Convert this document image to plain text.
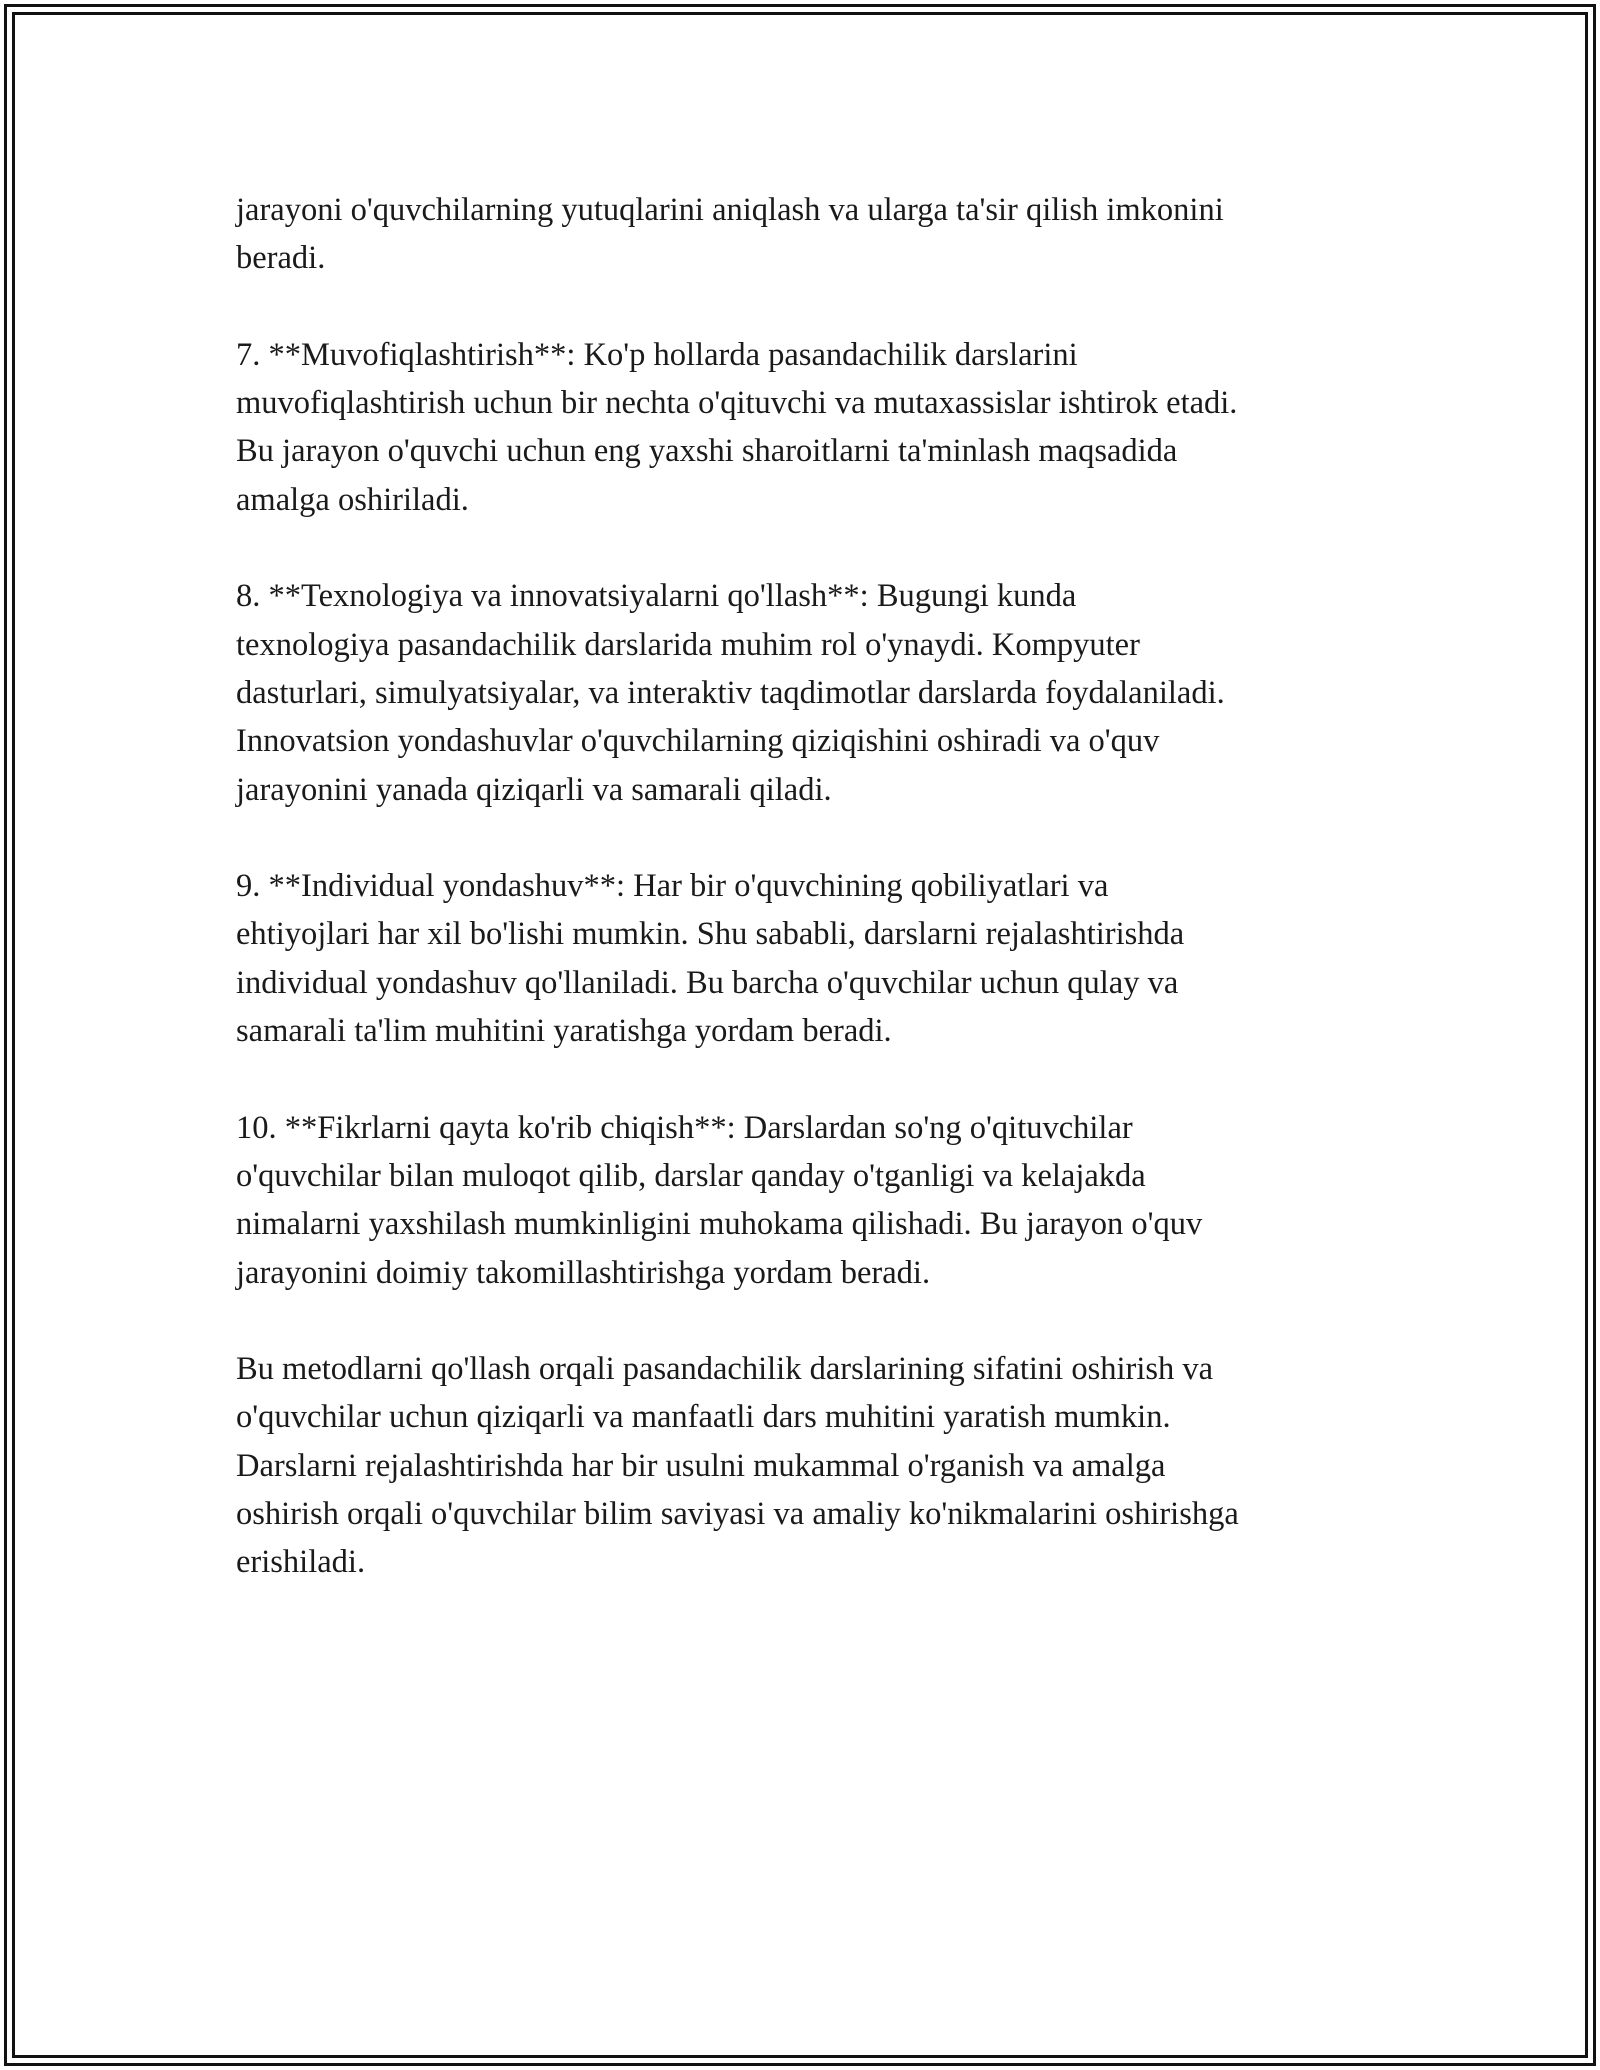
jarayoni o'quvchilarning yutuqlarini aniqlash va ularga ta'sir qilish imkonini
beradi.

7. **Muvofiqlashtirish**: Ko'p hollarda pasandachilik darslarini
muvofiqlashtirish uchun bir nechta o'qituvchi va mutaxassislar ishtirok etadi.
Bu jarayon o'quvchi uchun eng yaxshi sharoitlarni ta'minlash maqsadida
amalga oshiriladi.

8. **Texnologiya va innovatsiyalarni qo'llash**: Bugungi kunda
texnologiya pasandachilik darslarida muhim rol o'ynaydi. Kompyuter
dasturlari, simulyatsiyalar, va interaktiv taqdimotlar darslarda foydalaniladi.
Innovatsion yondashuvlar o'quvchilarning qiziqishini oshiradi va o'quv
jarayonini yanada qiziqarli va samarali qiladi.

9. **Individual yondashuv**: Har bir o'quvchining qobiliyatlari va
ehtiyojlari har xil bo'lishi mumkin. Shu sababli, darslarni rejalashtirishda
individual yondashuv qo'llaniladi. Bu barcha o'quvchilar uchun qulay va
samarali ta'lim muhitini yaratishga yordam beradi.

10. **Fikrlarni qayta ko'rib chiqish**: Darslardan so'ng o'qituvchilar
o'quvchilar bilan muloqot qilib, darslar qanday o'tganligi va kelajakda
nimalarni yaxshilash mumkinligini muhokama qilishadi. Bu jarayon o'quv
jarayonini doimiy takomillashtirishga yordam beradi.

Bu metodlarni qo'llash orqali pasandachilik darslarining sifatini oshirish va
o'quvchilar uchun qiziqarli va manfaatli dars muhitini yaratish mumkin.
Darslarni rejalashtirishda har bir usulni mukammal o'rganish va amalga
oshirish orqali o'quvchilar bilim saviyasi va amaliy ko'nikmalarini oshirishga
erishiladi.
